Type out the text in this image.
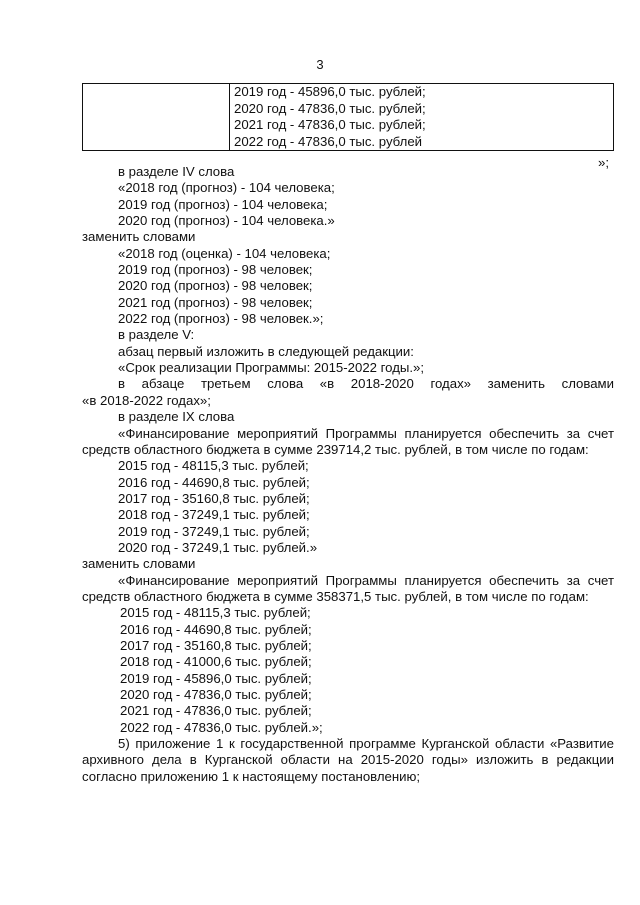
3

2019 год - 45896,0 тыс. рублей;
2020 год - 47836,0 тыс. рублей;
2021 год - 47836,0 тыс. рублей;
2022 год - 47836,0 тыс. рублей
»;
в разделе IV слова
«2018 год (прогноз) - 104 человека;
2019 год (прогноз) - 104 человека;
2020 год (прогноз) - 104 человека.»
заменить словами
«2018 год (оценка) - 104 человека;
2019 год (прогноз) - 98 человек;
2020 год (прогноз) - 98 человек;
2021 год (прогноз) - 98 человек;
2022 год (прогноз) - 98 человек.»;
в разделе V:
абзац первый изложить в следующей редакции:
«Срок реализации Программы: 2015-2022 годы.»;
в абзаце третьем слова «в 2018-2020 годах» заменить словами
«в 2018-2022 годах»;
в разделе IX слова
«Финансирование мероприятий Программы планируется обеспечить за счет средств областного бюджета в сумме 239714,2 тыс. рублей, в том числе по годам:
2015 год - 48115,3 тыс. рублей;
2016 год - 44690,8 тыс. рублей;
2017 год - 35160,8 тыс. рублей;
2018 год - 37249,1 тыс. рублей;
2019 год - 37249,1 тыс. рублей;
2020 год - 37249,1 тыс. рублей.»
заменить словами
«Финансирование мероприятий Программы планируется обеспечить за счет средств областного бюджета в сумме 358371,5 тыс. рублей, в том числе по годам:
2015 год - 48115,3 тыс. рублей;
2016 год - 44690,8 тыс. рублей;
2017 год - 35160,8 тыс. рублей;
2018 год - 41000,6 тыс. рублей;
2019 год - 45896,0 тыс. рублей;
2020 год - 47836,0 тыс. рублей;
2021 год - 47836,0 тыс. рублей;
2022 год - 47836,0 тыс. рублей.»;
5) приложение 1 к государственной программе Курганской области «Развитие архивного дела в Курганской области на 2015-2020 годы» изложить в редакции согласно приложению 1 к настоящему постановлению;
